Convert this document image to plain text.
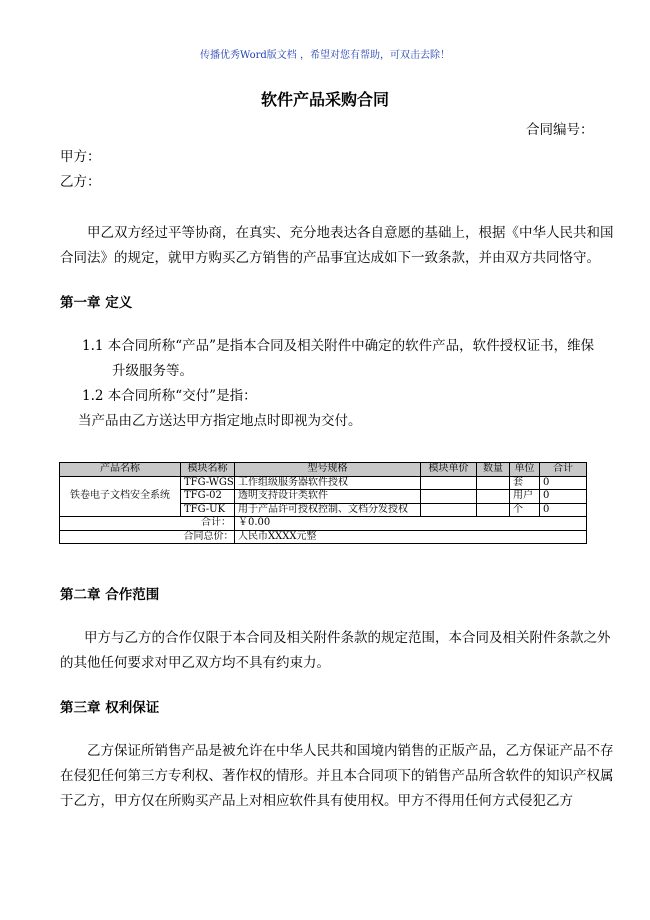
传播优秀Word版文档 ，希望对您有帮助，可双击去除！
软件产品采购合同
合同编号：
甲方：
乙方：
甲乙双方经过平等协商，在真实、充分地表达各自意愿的基础上，根据《中华人民共和国
合同法》的规定，就甲方购买乙方销售的产品事宜达成如下一致条款，并由双方共同恪守。
第一章 定义
1.1 本合同所称“产品”是指本合同及相关附件中确定的软件产品，软件授权证书，维保
升级服务等。
1.2 本合同所称“交付”是指：
当产品由乙方送达甲方指定地点时即视为交付。
产品名称	模块名称	型号规格	模块单价	数量	单位	合计
铁卷电子文档安全系统	TFG-WGS	工作组级服务器软件授权			套	0
	TFG-02	透明支持设计类软件			用户	0
	TFG-UK	用于产品许可授权控制、文档分发授权			个	0
	合计：	￥0.00				
	合同总价：	人民币XXXX元整				
第二章 合作范围
甲方与乙方的合作仅限于本合同及相关附件条款的规定范围，本合同及相关附件条款之外
的其他任何要求对甲乙双方均不具有约束力。
第三章 权利保证
乙方保证所销售产品是被允许在中华人民共和国境内销售的正版产品，乙方保证产品不存
在侵犯任何第三方专利权、著作权的情形。并且本合同项下的销售产品所含软件的知识产权属
于乙方，甲方仅在所购买产品上对相应软件具有使用权。甲方不得用任何方式侵犯乙方
